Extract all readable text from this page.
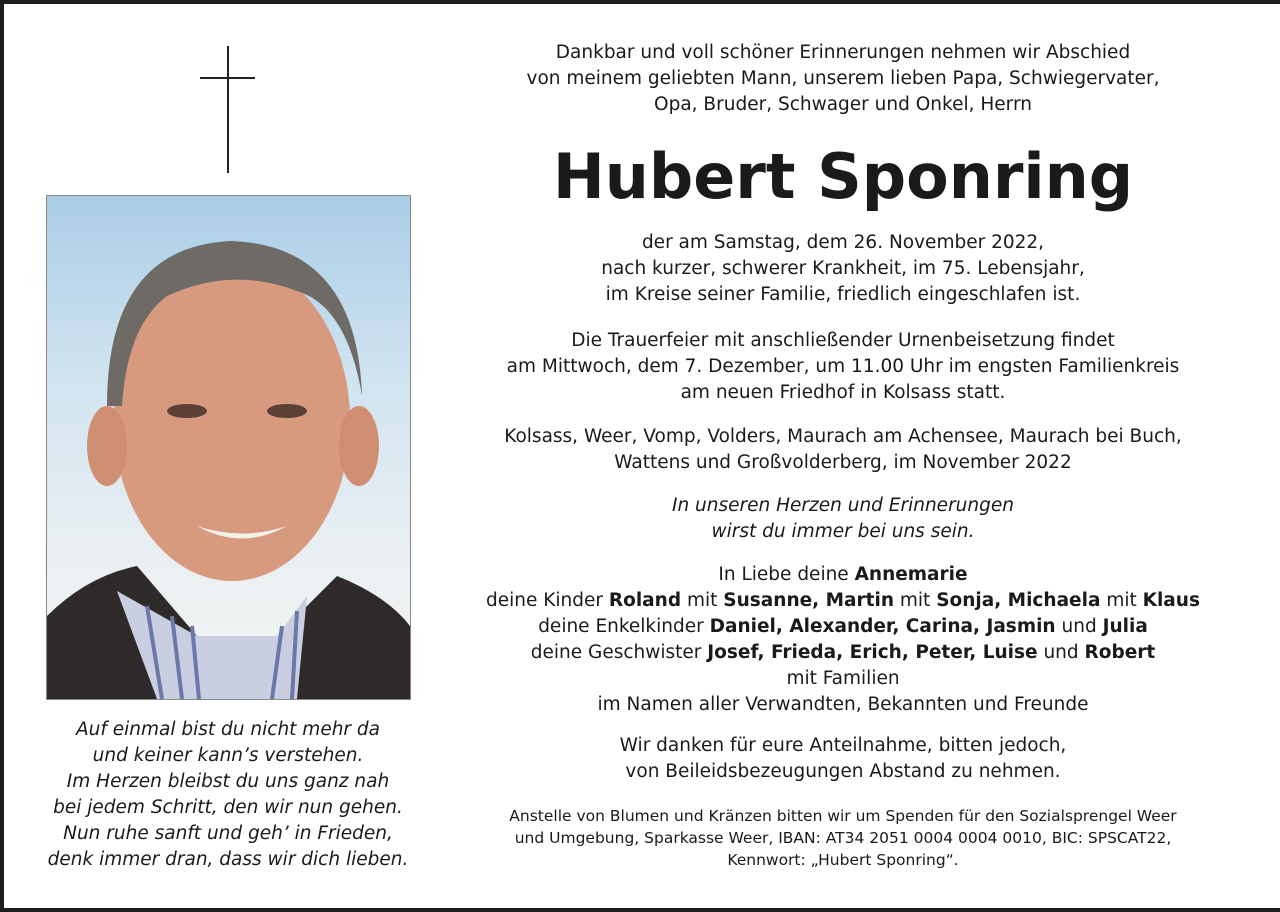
Auf einmal bist du nicht mehr da
und keiner kann’s verstehen.
Im Herzen bleibst du uns ganz nah
bei jedem Schritt, den wir nun gehen.
Nun ruhe sanft und geh’ in Frieden,
denk immer dran, dass wir dich lieben.
Dankbar und voll schöner Erinnerungen nehmen wir Abschied
von meinem geliebten Mann, unserem lieben Papa, Schwiegervater,
Opa, Bruder, Schwager und Onkel, Herrn
Hubert Sponring
der am Samstag, dem 26. November 2022,
nach kurzer, schwerer Krankheit, im 75. Lebensjahr,
im Kreise seiner Familie, friedlich eingeschlafen ist.
Die Trauerfeier mit anschließender Urnenbeisetzung findet
am Mittwoch, dem 7. Dezember, um 11.00 Uhr im engsten Familienkreis
am neuen Friedhof in Kolsass statt.
Kolsass, Weer, Vomp, Volders, Maurach am Achensee, Maurach bei Buch,
Wattens und Großvolderberg, im November 2022
In unseren Herzen und Erinnerungen
wirst du immer bei uns sein.
In Liebe deine Annemarie
deine Kinder Roland mit Susanne, Martin mit Sonja, Michaela mit Klaus
deine Enkelkinder Daniel, Alexander, Carina, Jasmin und Julia
deine Geschwister Josef, Frieda, Erich, Peter, Luise und Robert
mit Familien
im Namen aller Verwandten, Bekannten und Freunde
Wir danken für eure Anteilnahme, bitten jedoch,
von Beileidsbezeugungen Abstand zu nehmen.
Anstelle von Blumen und Kränzen bitten wir um Spenden für den Sozialsprengel Weer
und Umgebung, Sparkasse Weer, IBAN: AT34 2051 0004 0004 0010, BIC: SPSCAT22,
Kennwort: „Hubert Sponring“.
